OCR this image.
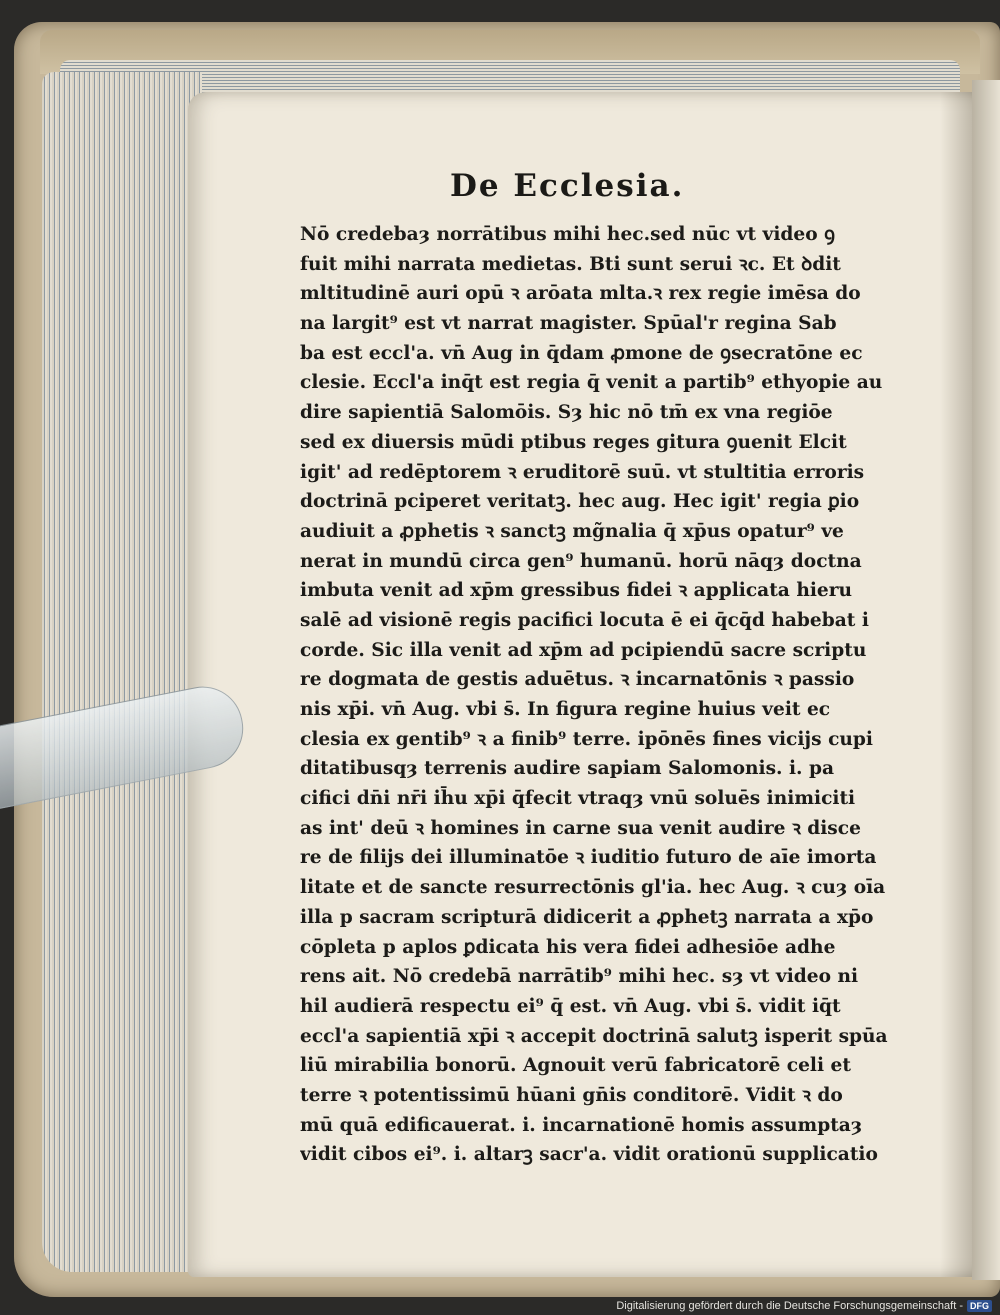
De Ecclesia.
Nō credebaȝ norrātibus mihi hec.sed nūc vt video ꝯ
fuit mihi narrata medietas. Bti sunt serui ꝛc. Et ꝺdit
mltitudinē auri opū ꝛ arōata mlta.ꝛ rex regie imēsa do
na largit⁹ est vt narrat magister. Spūal'r regina Sab
ba est eccl'a. vn̄ Aug in q̄dam ꝓmone de ꝯsecratōne ec
clesie. Eccl'a inq̄t est regia q̄ venit a partib⁹ ethyopie au
dire sapientiā Salomōis. Sȝ hic nō tm̄ ex vna regiōe
sed ex diuersis mūdi ptibus reges gitura ꝯuenit Elcit
igit' ad redēptorem ꝛ eruditorē suū. vt stultitia erroris
doctrinā pciperet veritatꝫ. hec aug. Hec igit' regia ꝑio
audiuit a ꝓphetis ꝛ sanctꝫ mg̃nalia q̄ xp̄us opatur⁹ ve
nerat in mundū circa gen⁹ humanū. horū nāqȝ doctna
imbuta venit ad xp̄m gressibus fidei ꝛ applicata hieru
salē ad visionē regis pacifici locuta ē ei q̄cq̄d habebat i
corde. Sic illa venit ad xp̄m ad pcipiendū sacre scriptu
re dogmata de gestis aduētus. ꝛ incarnatōnis ꝛ passio
nis xp̄i. vn̄ Aug. vbi s̄. In figura regine huius veit ec
clesia ex gentib⁹ ꝛ a finib⁹ terre. ipōnēs fines vicijs cupi
ditatibusqȝ terrenis audire sapiam Salomonis. i. pa
cifici dn̄i nr̄i ih̄u xp̄i q̄fecit vtraqȝ vnū soluēs inimiciti
as int' deū ꝛ homines in carne sua venit audire ꝛ disce
re de filijs dei illuminatōe ꝛ iuditio futuro de aīe imorta
litate et de sancte resurrectōnis gl'ia. hec Aug. ꝛ cuȝ oīa
illa p sacram scripturā didicerit a ꝓphetꝫ narrata a xp̄o
cōpleta p aplos ꝑdicata his vera fidei adhesiōe adhe
rens ait. Nō credebā narrātib⁹ mihi hec. sȝ vt video ni
hil audierā respectu ei⁹ q̄ est. vn̄ Aug. vbi s̄. vidit iq̄t
eccl'a sapientiā xp̄i ꝛ accepit doctrinā salutꝫ isperit spūa
liū mirabilia bonorū. Agnouit verū fabricatorē celi et
terre ꝛ potentissimū hūani gn̄is conditorē. Vidit ꝛ do
mū quā edificauerat. i. incarnationē homis assumptaȝ
vidit cibos ei⁹. i. altarꝫ sacr'a. vidit orationū supplicatio
Digitalisierung gefördert durch die Deutsche Forschungsgemeinschaft - DFG
